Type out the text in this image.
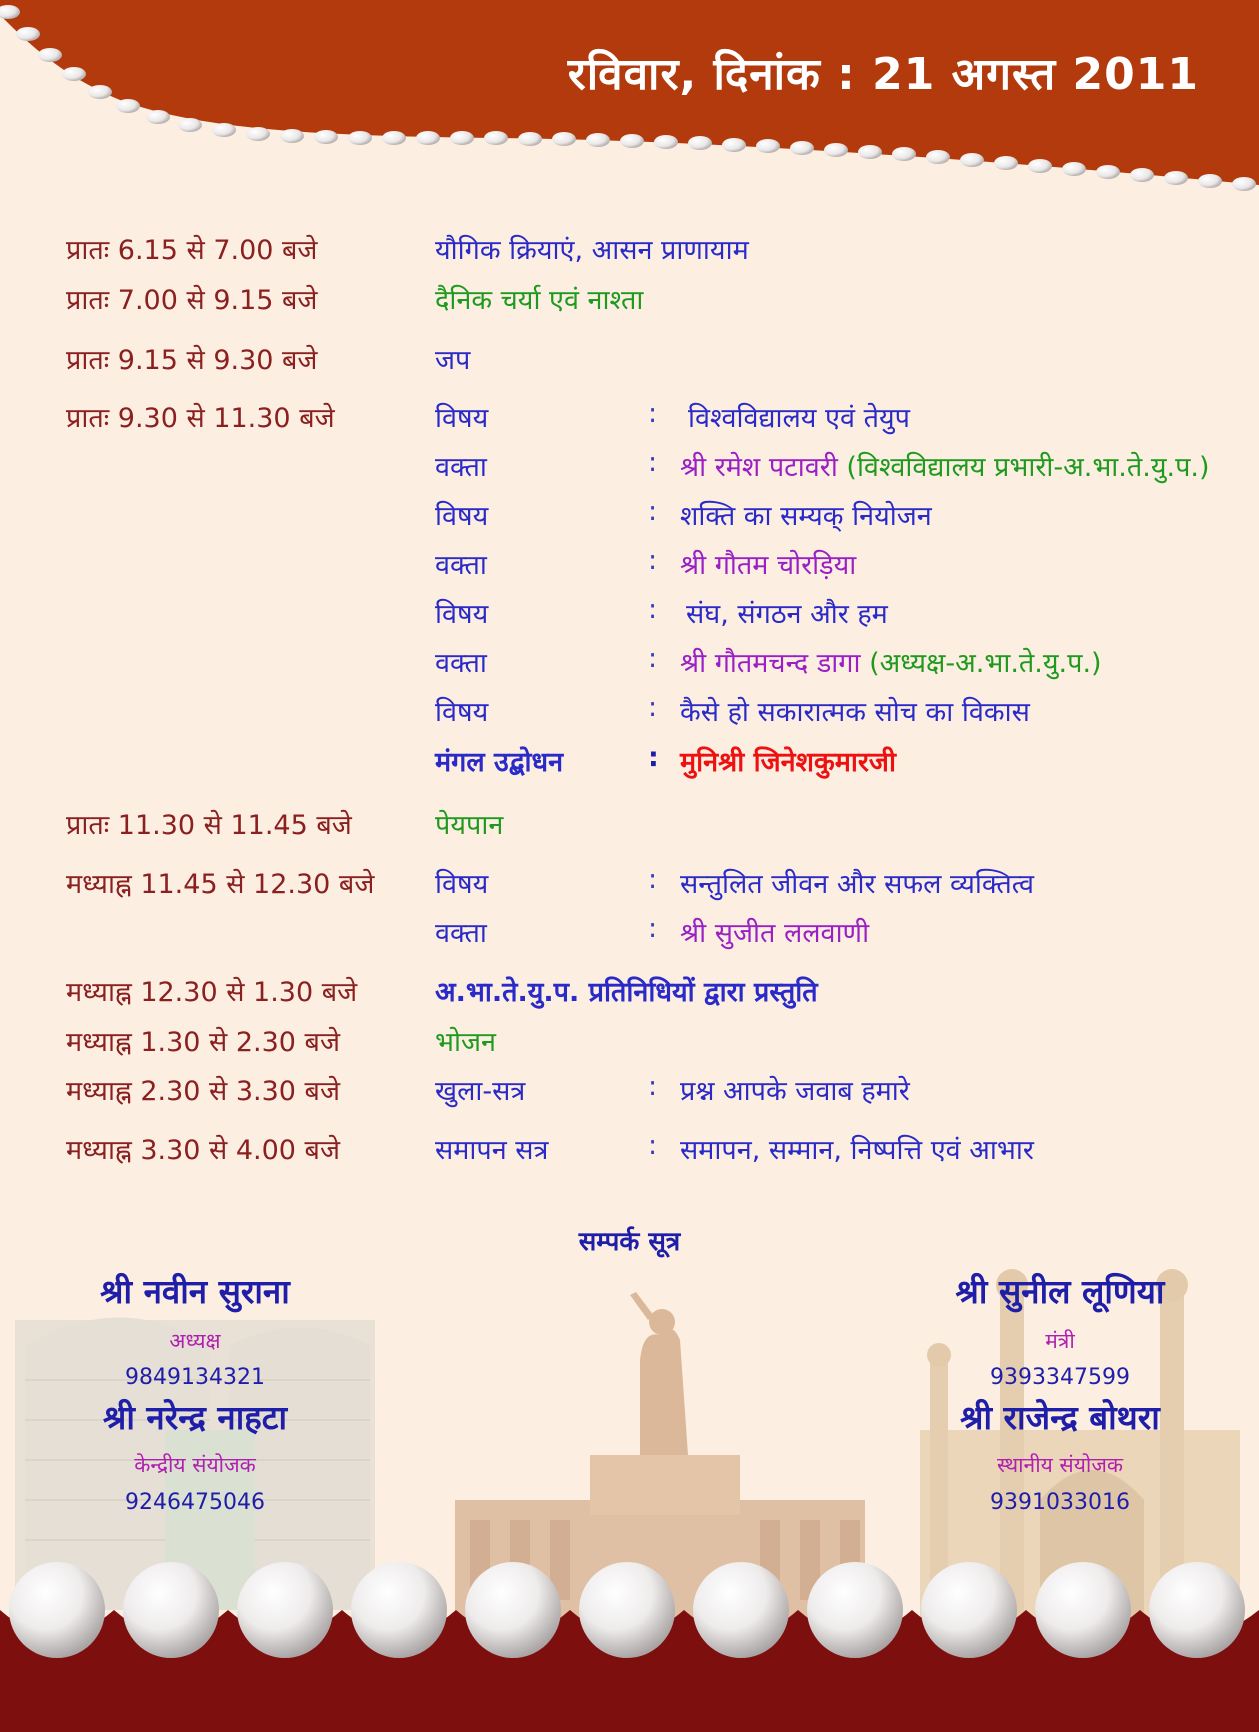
रविवार, दिनांक : 21 अगस्त 2011
प्रातः 6.15 से 7.00 बजे	यौगिक क्रियाएं, आसन प्राणायाम
प्रातः 7.00 से 9.15 बजे	दैनिक चर्या एवं नाश्ता
प्रातः 9.15 से 9.30 बजे	जप
प्रातः 9.30 से 11.30 बजे	विषय	: विश्वविद्यालय एवं तेयुप
वक्ता	: श्री रमेश पटावरी (विश्वविद्यालय प्रभारी-अ.भा.ते.यु.प.)
विषय	: शक्ति का सम्यक् नियोजन
वक्ता	: श्री गौतम चोरड़िया
विषय	: संघ, संगठन और हम
वक्ता	: श्री गौतमचन्द डागा (अध्यक्ष-अ.भा.ते.यु.प.)
विषय	: कैसे हो सकारात्मक सोच का विकास
मंगल उद्बोधन	: मुनिश्री जिनेशकुमारजी
प्रातः 11.30 से 11.45 बजे	पेयपान
मध्याह्न 11.45 से 12.30 बजे विषय	: सन्तुलित जीवन और सफल व्यक्तित्व
वक्ता	: श्री सुजीत ललवाणी
मध्याह्न 12.30 से 1.30 बजे	अ.भा.ते.यु.प. प्रतिनिधियों द्वारा प्रस्तुति
मध्याह्न 1.30 से 2.30 बजे	भोजन
मध्याह्न 2.30 से 3.30 बजे	खुला-सत्र	: प्रश्न आपके जवाब हमारे
मध्याह्न 3.30 से 4.00 बजे	समापन सत्र	: समापन, सम्मान, निष्पत्ति एवं आभार
सम्पर्क सूत्र
श्री नवीन सुराना
अध्यक्ष
9849134321
श्री नरेन्द्र नाहटा
केन्द्रीय संयोजक
9246475046
श्री सुनील लूणिया
मंत्री
9393347599
श्री राजेन्द्र बोथरा
स्थानीय संयोजक
9391033016
